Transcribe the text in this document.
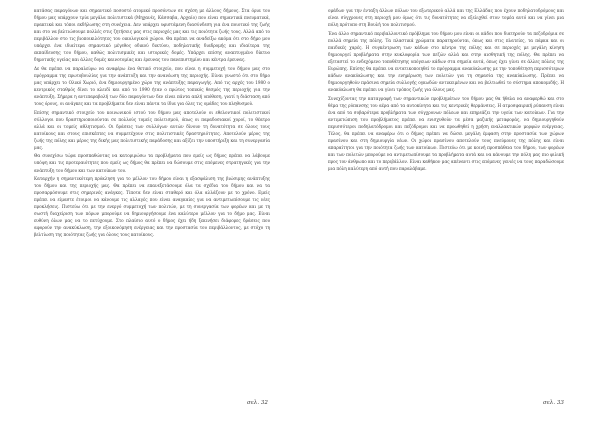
κατάσας παραγόνων και σημαντικό ποσοστό ατομικό προσόντων σε σχέση με άλλους δήμους. Στα όρια του δήμου μας υπάρχουν τρία μεγάλα πολιτιστικά (Μηχανές, Κάσσαβα, Αρχαίο) που είναι σημαντικά πνευματικά, πρακτικά και τόποι εκδήλωσης στη συνέχεια. Δεν υπάρχει υφιστάμενη διασύνδεση για ένα ποιοτικό της ζωής και στο να βελτιώσουμε πολλές στις ζητήσεις μας στις περιοχές μας και τις ποιότητα ζωής τους. Αλλά από το περιβάλλον στο τις βιοποικιλότητες του οικολογικού χώρου. Θα πρέπει να αναδείξω ακόμα ότι στο δήμο μου υπάρχει ένα ιδιαίτερα σημαντικό μέγεθος οδικού δικτύου, ποδηλατικής διαδρομής και ιδιαίτερα της εκπαίδευσης του δήμου, καθώς πολιτισμικές και ιστορικές δομές. Υπάρχει επίσης αναπτυγμένο δίκτυο δημοτικής υγείας και άλλες δομές καινοτομίας και έρευνας του πανεπιστημίου και κέντρα έρευνας.

Δε θα πρέπει να παραλείψω να αναφέρω ένα θετικό στοιχείο, που είναι η συμμετοχή του δήμου μας στο πρόγραμμα της πρωτοβουλίας για την ανάπτυξη και την ανανέωση της περιοχής. Είναι γνωστό ότι στο δήμο μας υπάρχει το Ολικό Χωριό, ένα δημιουργημένο χώρο της ανάπτυξης παραγωγής. Από τις αρχές του 1980 ο κεντρικός σταθμός δίνει το κλειδί και από το 1990 ήταν ο πρώτος τοπικός θεσμός της περιοχής για την ανάπτυξη. Σήμερα η αντιπαραβολή των δύο παραγόντων δεν είναι πάντα απλή υπόθεση, γιατί η διάσταση από τους όρους, οι ανάγκες και τα προβλήματα δεν είναι πάντα τα ίδια για όλες τις ομάδες του πληθυσμού.

Επίσης σημαντικό στοιχείο του κοινωνικού ιστού του δήμου μας αποτελούν οι εθελοντικοί πολιτιστικοί σύλλογοι που δραστηριοποιούνται σε πολλούς τομείς πολιτισμού, όπως οι παραδοσιακοί χοροί, το θέατρο αλλά και οι τομείς αθλητισμού. Οι δράσεις των συλλόγων αυτών δίνουν τη δυνατότητα σε όλους τους κατοίκους και στους επισκέπτες να συμμετέχουν στις πολιτιστικές δραστηριότητες. Αποτελούν μέρος της ζωής της πόλης και μέρος της δικής μας πολιτιστικής παράδοσης και αξίζει την υποστήριξη και τη συνεργασία μας.

Θα συνεχίσω τώρα προσπαθώντας να κατοριρώσω τα προβλήματα που εμείς ως δήμος πρέπει να λάβουμε υπόψη και τις προτεραιότητες που εμείς ως δήμος θα πρέπει να δώσουμε στις επόμενες στρατηγικές για την ανάπτυξη του δήμου και των κατοίκων του.

Καταρχήν η σημαντικότερη πρόκληση για το μέλλον του δήμου είναι η εξασφάλιση της βιώσιμης ανάπτυξης του δήμου και της περιοχής μας. Θα πρέπει να επανεξετάσουμε όλα τα σχέδια του δήμου και να τα προσαρμόσουμε στις σημερινές ανάγκες. Τίποτα δεν είναι σταθερό και όλα αλλάζουν με το χρόνο. Εμείς πρέπει να είμαστε έτοιμοι να κάνουμε τις αλλαγές που είναι αναγκαίες για να αντιμετωπίσουμε τις νέες προκλήσεις. Πιστεύω ότι με την ενεργό συμμετοχή των πολιτών, με τη συνεργασία των φορέων και με τη σωστή διαχείριση των πόρων μπορούμε να δημιουργήσουμε ένα καλύτερο μέλλον για το δήμο μας. Είναι ευθύνη όλων μας να το πετύχουμε. Στο πλαίσιο αυτό ο δήμος έχει ήδη ξεκινήσει διάφορες δράσεις που αφορούν την ανακύκλωση, την εξοικονόμηση ενέργειας και την προστασία του περιβάλλοντος, με στόχο τη βελτίωση της ποιότητας ζωής για όλους τους κατοίκους.

σελ. 32

ομάδων για την ένταξη άλλων πόλων του εξωτερικού αλλά και της Ελλάδας που έχουν ποδηλατοδρόμους και είναι σύγχρονες στη περιοχή μου όμως ότι τις δυνατότητες να εξελιχθεί στον τομέα αυτό και να γίνει μια πόλη πρότυπο στη Βουλή του πολιτισμού.

Ένα άλλο σημαντικό περιβαλλοντικό πρόβλημα του δήμου μου είναι οι κάδοι που διατηρούν τα πεζοδρόμια σε πολλά σημεία της πόλης. Τα πλαστικά χρώματα παρατηρούνται, όπως και στις πλατείες, τα πάρκα και οι παιδικές χαρές. Η συγκέντρωση των κάδων στο κέντρο της πόλης και σε περιοχές με μεγάλη κίνηση δημιουργεί προβλήματα στην κυκλοφορία των πεζών αλλά και στην αισθητική της πόλης. Θα πρέπει να εξεταστεί το ενδεχόμενο τοποθέτησης υπόγειων κάδων στα σημεία αυτά, όπως έχει γίνει σε άλλες πόλεις της Ευρώπης. Επίσης θα πρέπει να εντατικοποιηθεί το πρόγραμμα ανακύκλωσης με την τοποθέτηση περισσότερων κάδων ανακύκλωσης και την ενημέρωση των πολιτών για τη σημασία της ανακύκλωσης. Πρέπει να δημιουργηθούν πράσινα σημεία συλλογής ογκωδών αντικειμένων και να βελτιωθεί το σύστημα αποκομιδής. Η ανακύκλωση θα πρέπει να γίνει τρόπος ζωής για όλους μας.

Συνεχίζοντας την καταγραφή των σημαντικών προβλημάτων του δήμου μας θα ήθελα να αναφερθώ και στο θέμα της ρύπανσης του αέρα από τα αυτοκίνητα και τις κεντρικές θερμάνσεις. Η ατμοσφαιρική ρύπανση είναι ένα από τα σοβαρότερα προβλήματα των σύγχρονων πόλεων και επηρεάζει την υγεία των κατοίκων. Για την αντιμετώπιση του προβλήματος πρέπει να ενισχυθούν τα μέσα μαζικής μεταφοράς, να δημιουργηθούν περισσότεροι ποδηλατόδρομοι και πεζόδρομοι και να προωθηθεί η χρήση εναλλακτικών μορφών ενέργειας. Τέλος, θα πρέπει να αναφέρω ότι ο δήμος πρέπει να δώσει μεγάλη έμφαση στην προστασία των χώρων πρασίνου και στη δημιουργία νέων. Οι χώροι πρασίνου αποτελούν τους πνεύμονες της πόλης και είναι απαραίτητοι για την ποιότητα ζωής των κατοίκων. Πιστεύω ότι με κοινή προσπάθεια του δήμου, των φορέων και των πολιτών μπορούμε να αντιμετωπίσουμε τα προβλήματα αυτά και να κάνουμε την πόλη μας πιο φιλική προς τον άνθρωπο και το περιβάλλον. Είναι καθήκον μας απέναντι στις επόμενες γενιές να τους παραδώσουμε μια πόλη καλύτερη από αυτή που παραλάβαμε.

σελ. 33
